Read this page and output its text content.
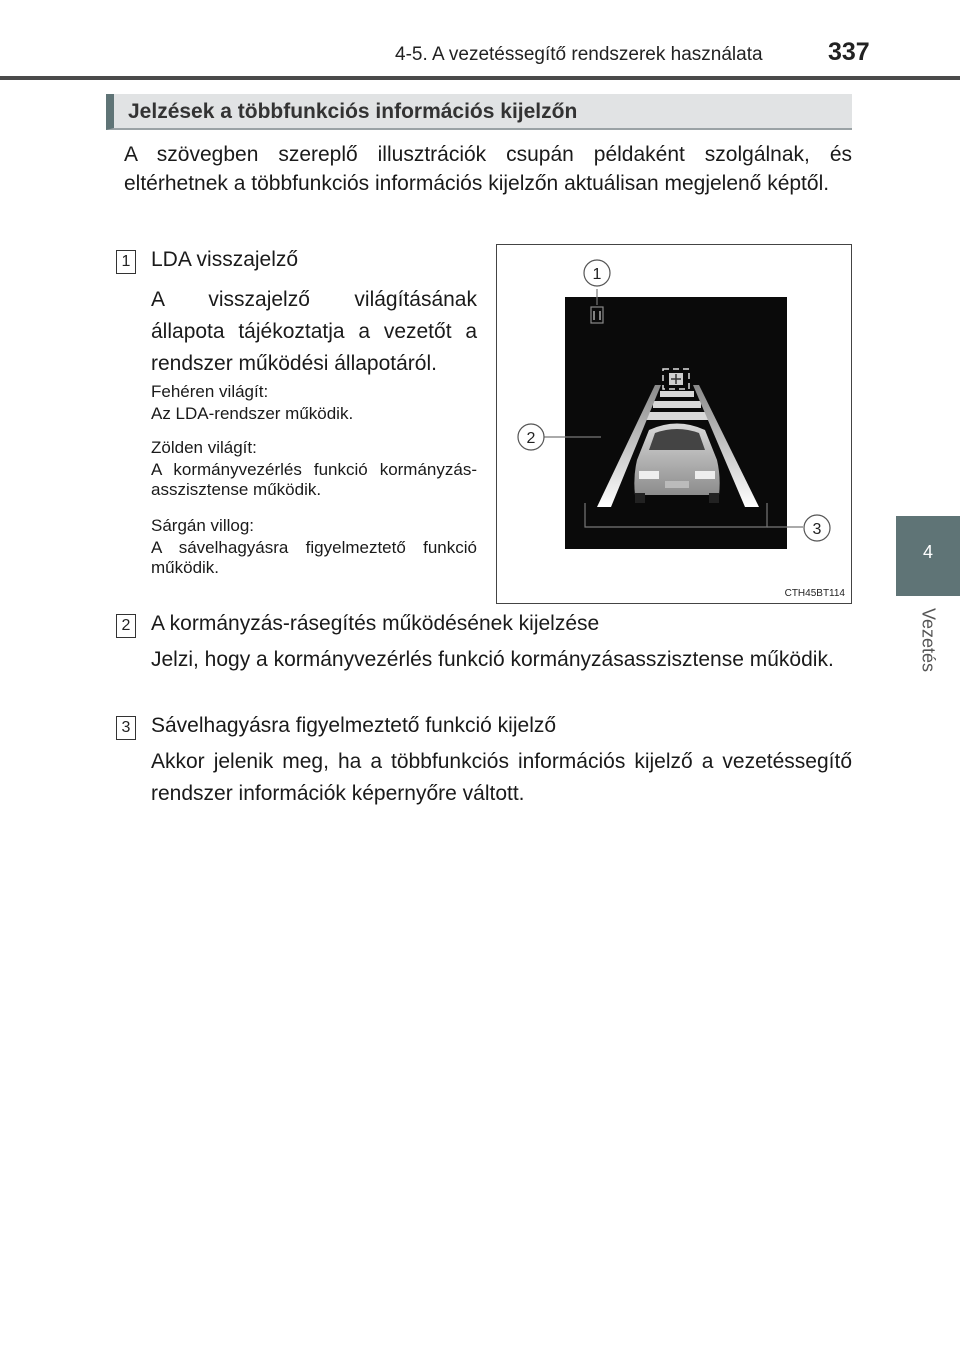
4-5. A vezetéssegítő rendszerek használata	337
4
Vezetés
Jelzések a többfunkciós információs kijelzőn

A szövegben szereplő illusztrációk csupán példaként szolgálnak, és eltérhetnek a többfunkciós információs kijelzőn aktuálisan megjelenő képtől.

1 LDA visszajelző

A visszajelző világításának állapota tájékoztatja a vezetőt a rendszer működési állapotáról.

Fehéren világít:

Az LDA-rendszer működik.

Zölden világít:

A kormányvezérlés funkció kormányzás-asszisztense működik.

Sárgán villog:

A sávelhagyásra figyelmeztető funkció működik.

1
2
3
CTH45BT114
2 A kormányzás-rásegítés működésének kijelzése

Jelzi, hogy a kormányvezérlés funkció kormányzásasszisztense működik.

3 Sávelhagyásra figyelmeztető funkció kijelző

Akkor jelenik meg, ha a többfunkciós információs kijelző a vezetéssegítő rendszer információk képernyőre váltott.
